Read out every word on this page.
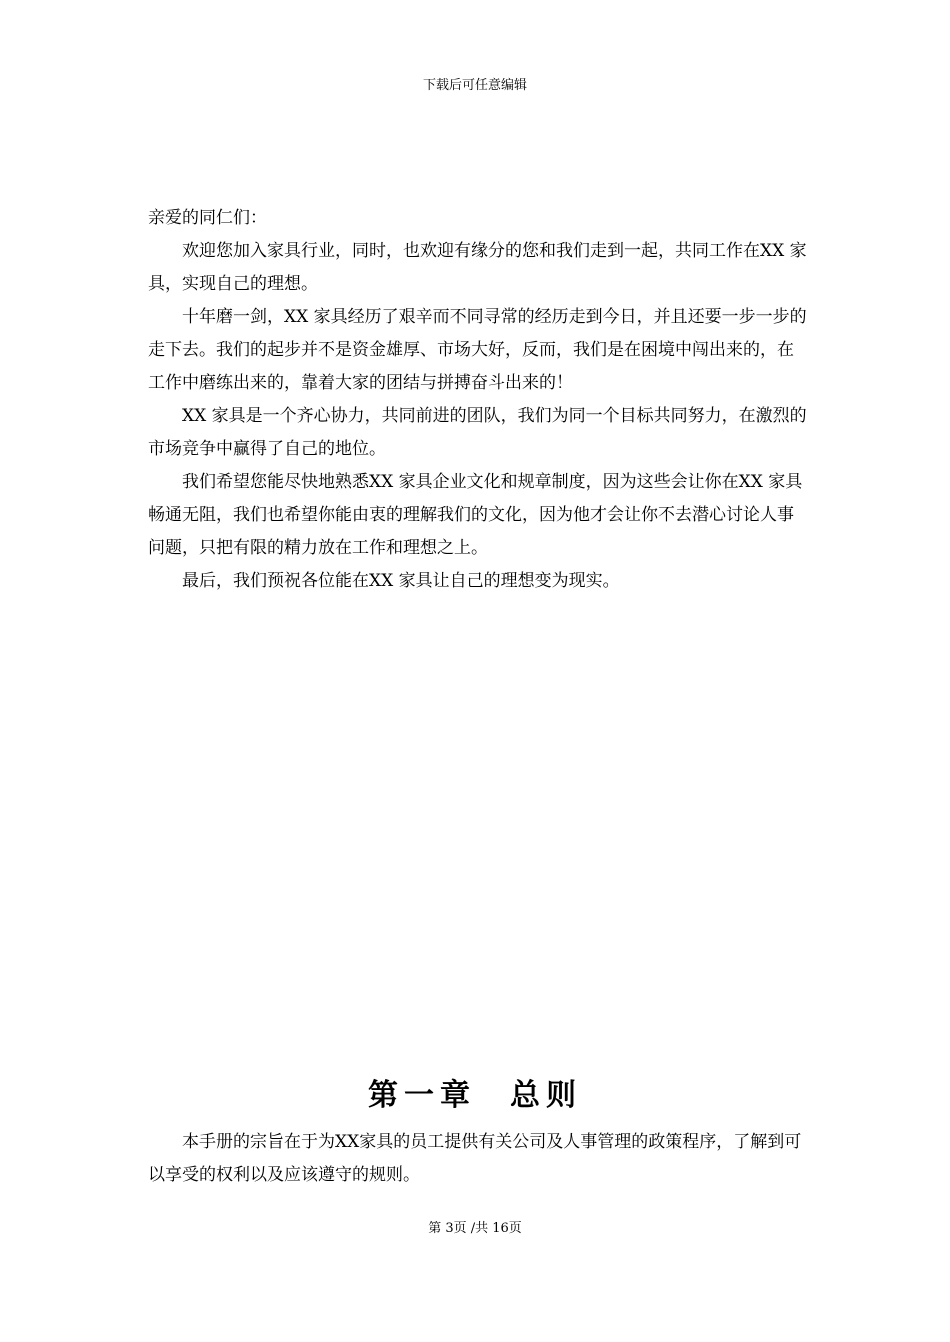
下载后可任意编辑

亲爱的同仁们：

欢迎您加入家具行业，同时，也欢迎有缘分的您和我们走到一起，共同工作在XX 家具，实现自己的理想。

十年磨一剑，XX 家具经历了艰辛而不同寻常的经历走到今日，并且还要一步一步的走下去。我们的起步并不是资金雄厚、市场大好，反而，我们是在困境中闯出来的，在工作中磨练出来的，靠着大家的团结与拼搏奋斗出来的！

XX 家具是一个齐心协力，共同前进的团队，我们为同一个目标共同努力，在激烈的市场竞争中赢得了自己的地位。

我们希望您能尽快地熟悉XX 家具企业文化和规章制度，因为这些会让你在XX 家具畅通无阻，我们也希望你能由衷的理解我们的文化，因为他才会让你不去潜心讨论人事问题，只把有限的精力放在工作和理想之上。

最后，我们预祝各位能在XX 家具让自己的理想变为现实。

第一章 总则

本手册的宗旨在于为XX家具的员工提供有关公司及人事管理的政策程序，了解到可以享受的权利以及应该遵守的规则。

第 3页 /共 16页
